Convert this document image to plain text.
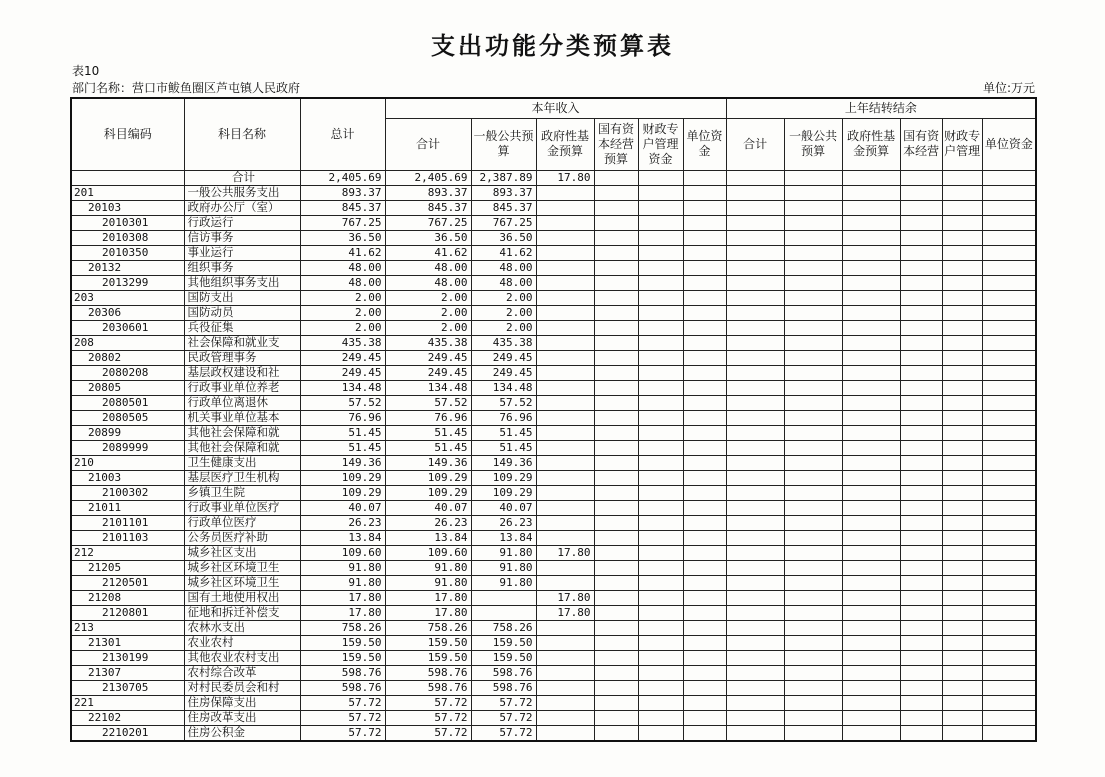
支出功能分类预算表
表10
部门名称：营口市鲅鱼圈区芦屯镇人民政府	单位:万元
科目编码	科目名称	总计	本年收入						上年结转结余					
			合计	一般公共预算	政府性基金预算	国有资本经营预算	财政专户管理资金	单位资金	合计	一般公共预算	政府性基金预算	国有资本经营	财政专户管理	单位资金
	合计	2,405.69	2,405.69	2,387.89	17.80									
201	一般公共服务支出	893.37	893.37	893.37										
20103	政府办公厅（室）	845.37	845.37	845.37										
2010301	行政运行	767.25	767.25	767.25										
2010308	信访事务	36.50	36.50	36.50										
2010350	事业运行	41.62	41.62	41.62										
20132	组织事务	48.00	48.00	48.00										
2013299	其他组织事务支出	48.00	48.00	48.00										
203	国防支出	2.00	2.00	2.00										
20306	国防动员	2.00	2.00	2.00										
2030601	兵役征集	2.00	2.00	2.00										
208	社会保障和就业支	435.38	435.38	435.38										
20802	民政管理事务	249.45	249.45	249.45										
2080208	基层政权建设和社	249.45	249.45	249.45										
20805	行政事业单位养老	134.48	134.48	134.48										
2080501	行政单位离退休	57.52	57.52	57.52										
2080505	机关事业单位基本	76.96	76.96	76.96										
20899	其他社会保障和就	51.45	51.45	51.45										
2089999	其他社会保障和就	51.45	51.45	51.45										
210	卫生健康支出	149.36	149.36	149.36										
21003	基层医疗卫生机构	109.29	109.29	109.29										
2100302	乡镇卫生院	109.29	109.29	109.29										
21011	行政事业单位医疗	40.07	40.07	40.07										
2101101	行政单位医疗	26.23	26.23	26.23										
2101103	公务员医疗补助	13.84	13.84	13.84										
212	城乡社区支出	109.60	109.60	91.80	17.80									
21205	城乡社区环境卫生	91.80	91.80	91.80										
2120501	城乡社区环境卫生	91.80	91.80	91.80										
21208	国有土地使用权出	17.80	17.80		17.80									
2120801	征地和拆迁补偿支	17.80	17.80		17.80									
213	农林水支出	758.26	758.26	758.26										
21301	农业农村	159.50	159.50	159.50										
2130199	其他农业农村支出	159.50	159.50	159.50										
21307	农村综合改革	598.76	598.76	598.76										
2130705	对村民委员会和村	598.76	598.76	598.76										
221	住房保障支出	57.72	57.72	57.72										
22102	住房改革支出	57.72	57.72	57.72										
2210201	住房公积金	57.72	57.72	57.72										
